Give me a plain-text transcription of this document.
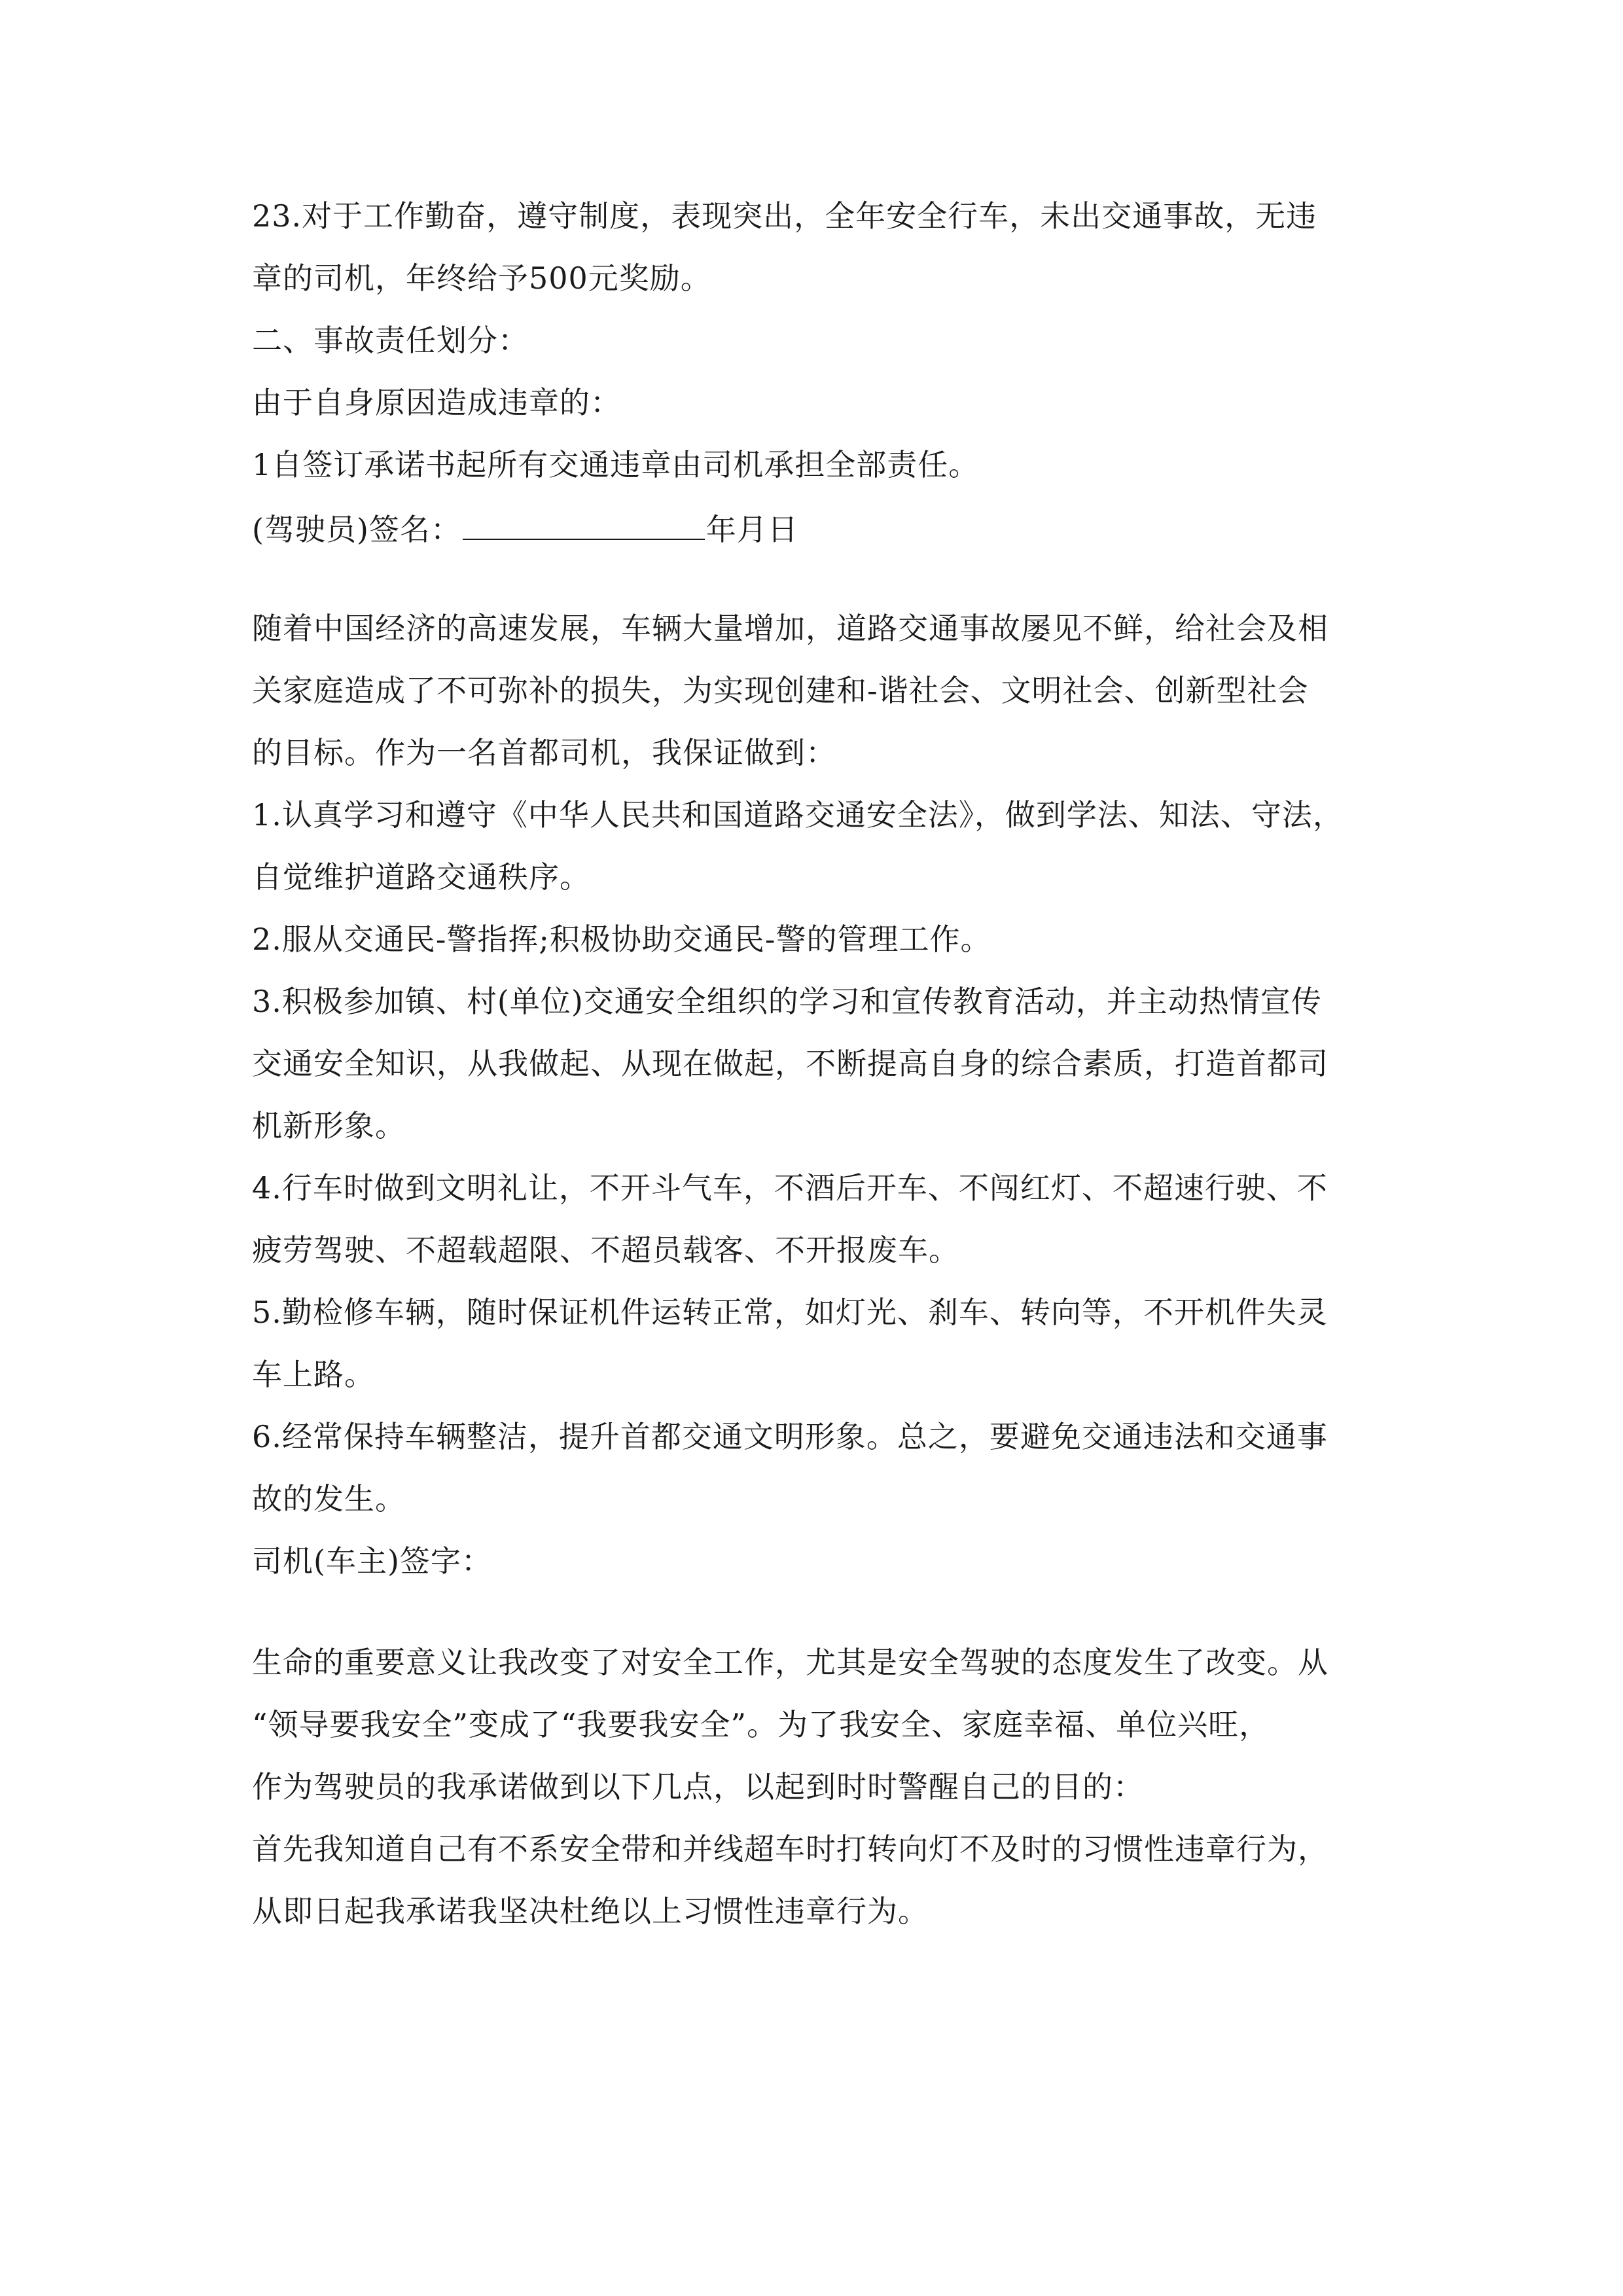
23.对于工作勤奋，遵守制度，表现突出，全年安全行车，未出交通事故，无违
章的司机，年终给予500元奖励。
二、事故责任划分：
由于自身原因造成违章的：
1自签订承诺书起所有交通违章由司机承担全部责任。
(驾驶员)签名：	年月日
随着中国经济的高速发展，车辆大量增加，道路交通事故屡见不鲜，给社会及相
关家庭造成了不可弥补的损失，为实现创建和-谐社会、文明社会、创新型社会
的目标。作为一名首都司机，我保证做到：
1.认真学习和遵守《中华人民共和国道路交通安全法》，做到学法、知法、守法，
自觉维护道路交通秩序。
2.服从交通民-警指挥;积极协助交通民-警的管理工作。
3.积极参加镇、村(单位)交通安全组织的学习和宣传教育活动，并主动热情宣传
交通安全知识，从我做起、从现在做起，不断提高自身的综合素质，打造首都司
机新形象。
4.行车时做到文明礼让，不开斗气车，不酒后开车、不闯红灯、不超速行驶、不
疲劳驾驶、不超载超限、不超员载客、不开报废车。
5.勤检修车辆，随时保证机件运转正常，如灯光、刹车、转向等，不开机件失灵
车上路。
6.经常保持车辆整洁，提升首都交通文明形象。总之，要避免交通违法和交通事
故的发生。
司机(车主)签字：
生命的重要意义让我改变了对安全工作，尤其是安全驾驶的态度发生了改变。从
“领导要我安全”变成了“我要我安全”。为了我安全、家庭幸福、单位兴旺，
作为驾驶员的我承诺做到以下几点，以起到时时警醒自己的目的：
首先我知道自己有不系安全带和并线超车时打转向灯不及时的习惯性违章行为，
从即日起我承诺我坚决杜绝以上习惯性违章行为。
